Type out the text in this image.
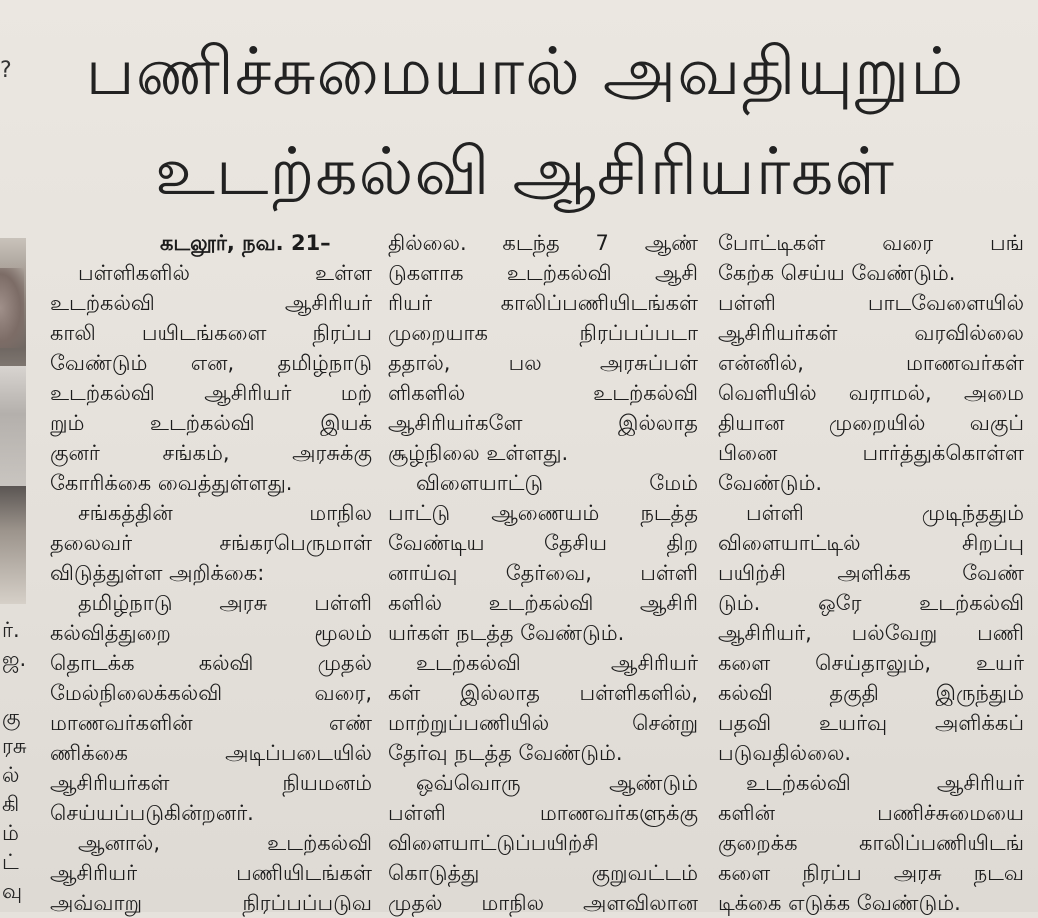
?	பணிச்சுமையால் அவதியுறும்
உடற்கல்வி ஆசிரியர்கள்
ர்.
ஜ.
கு
ரசு
ல்
கி
ம்
ட்
வு
கடலூர், நவ. 21–
பள்ளிகளில் உள்ள
உடற்கல்வி ஆசிரியர்
காலி பயிடங்களை நிரப்ப
வேண்டும் என, தமிழ்நாடு
உடற்கல்வி ஆசிரியர் மற்
றும் உடற்கல்வி இயக்
குனர் சங்கம், அரசுக்கு
கோரிக்கை வைத்துள்ளது.
சங்கத்தின் மாநில
தலைவர் சங்கரபெருமாள்
விடுத்துள்ள அறிக்கை:
தமிழ்நாடு அரசு பள்ளி
கல்வித்துறை மூலம்
தொடக்க கல்வி முதல்
மேல்நிலைக்கல்வி வரை,
மாணவர்களின் எண்
ணிக்கை அடிப்படையில்
ஆசிரியர்கள் நியமனம்
செய்யப்படுகின்றனர்.
ஆனால், உடற்கல்வி
ஆசிரியர் பணியிடங்கள்
அவ்வாறு நிரப்பப்படுவ
தில்லை. கடந்த 7 ஆண்
டுகளாக உடற்கல்வி ஆசி
ரியர் காலிப்பணியிடங்கள்
முறையாக நிரப்பப்படா
ததால், பல அரசுப்பள்
ளிகளில் உடற்கல்வி
ஆசிரியர்களே இல்லாத
சூழ்நிலை உள்ளது.
விளையாட்டு மேம்
பாட்டு ஆணையம் நடத்த
வேண்டிய தேசிய திற
னாய்வு தேர்வை, பள்ளி
களில் உடற்கல்வி ஆசிரி
யர்கள் நடத்த வேண்டும்.
உடற்கல்வி ஆசிரியர்
கள் இல்லாத பள்ளிகளில்,
மாற்றுப்பணியில் சென்று
தேர்வு நடத்த வேண்டும்.
ஒவ்வொரு ஆண்டும்
பள்ளி மாணவர்களுக்கு
விளையாட்டுப்பயிற்சி
கொடுத்து குறுவட்டம்
முதல் மாநில அளவிலான
போட்டிகள் வரை பங்
கேற்க செய்ய வேண்டும்.
பள்ளி பாடவேளையில்
ஆசிரியர்கள் வரவில்லை
என்னில், மாணவர்கள்
வெளியில் வராமல், அமை
தியான முறையில் வகுப்
பினை பார்த்துக்கொள்ள
வேண்டும்.
பள்ளி முடிந்ததும்
விளையாட்டில் சிறப்பு
பயிற்சி அளிக்க வேண்
டும். ஒரே உடற்கல்வி
ஆசிரியர், பல்வேறு பணி
களை செய்தாலும், உயர்
கல்வி தகுதி இருந்தும்
பதவி உயர்வு அளிக்கப்
படுவதில்லை.
உடற்கல்வி ஆசிரியர்
களின் பணிச்சுமையை
குறைக்க காலிப்பணியிடங்
களை நிரப்ப அரசு நடவ
டிக்கை எடுக்க வேண்டும்.
